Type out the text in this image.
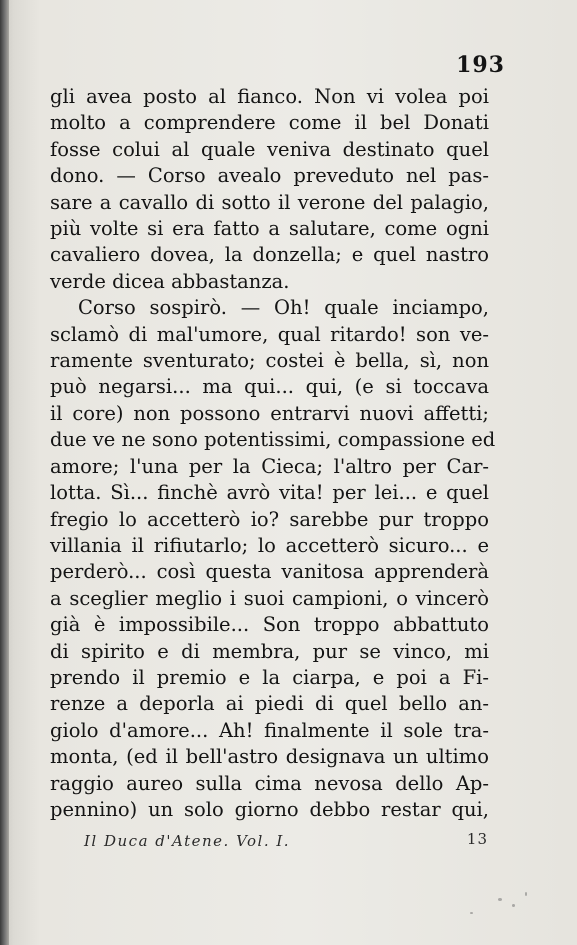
193
gli avea posto al fianco. Non vi volea poi
molto a comprendere come il bel Donati
fosse colui al quale veniva destinato quel
dono. — Corso avealo preveduto nel pas-
sare a cavallo di sotto il verone del palagio,
più volte si era fatto a salutare, come ogni
cavaliero dovea, la donzella; e quel nastro
verde dicea abbastanza.
Corso sospirò. — Oh! quale inciampo,
sclamò di mal'umore, qual ritardo! son ve-
ramente sventurato; costei è bella, sì, non
può negarsi... ma qui... qui, (e si toccava
il core) non possono entrarvi nuovi affetti;
due ve ne sono potentissimi, compassione ed
amore; l'una per la Cieca; l'altro per Car-
lotta. Sì... finchè avrò vita! per lei... e quel
fregio lo accetterò io? sarebbe pur troppo
villania il rifiutarlo; lo accetterò sicuro... e
perderò... così questa vanitosa apprenderà
a sceglier meglio i suoi campioni, o vincerò
già è impossibile... Son troppo abbattuto
di spirito e di membra, pur se vinco, mi
prendo il premio e la ciarpa, e poi a Fi-
renze a deporla ai piedi di quel bello an-
giolo d'amore... Ah! finalmente il sole tra-
monta, (ed il bell'astro designava un ultimo
raggio aureo sulla cima nevosa dello Ap-
pennino) un solo giorno debbo restar qui,
Il Duca d'Atene. Vol. I.	13
